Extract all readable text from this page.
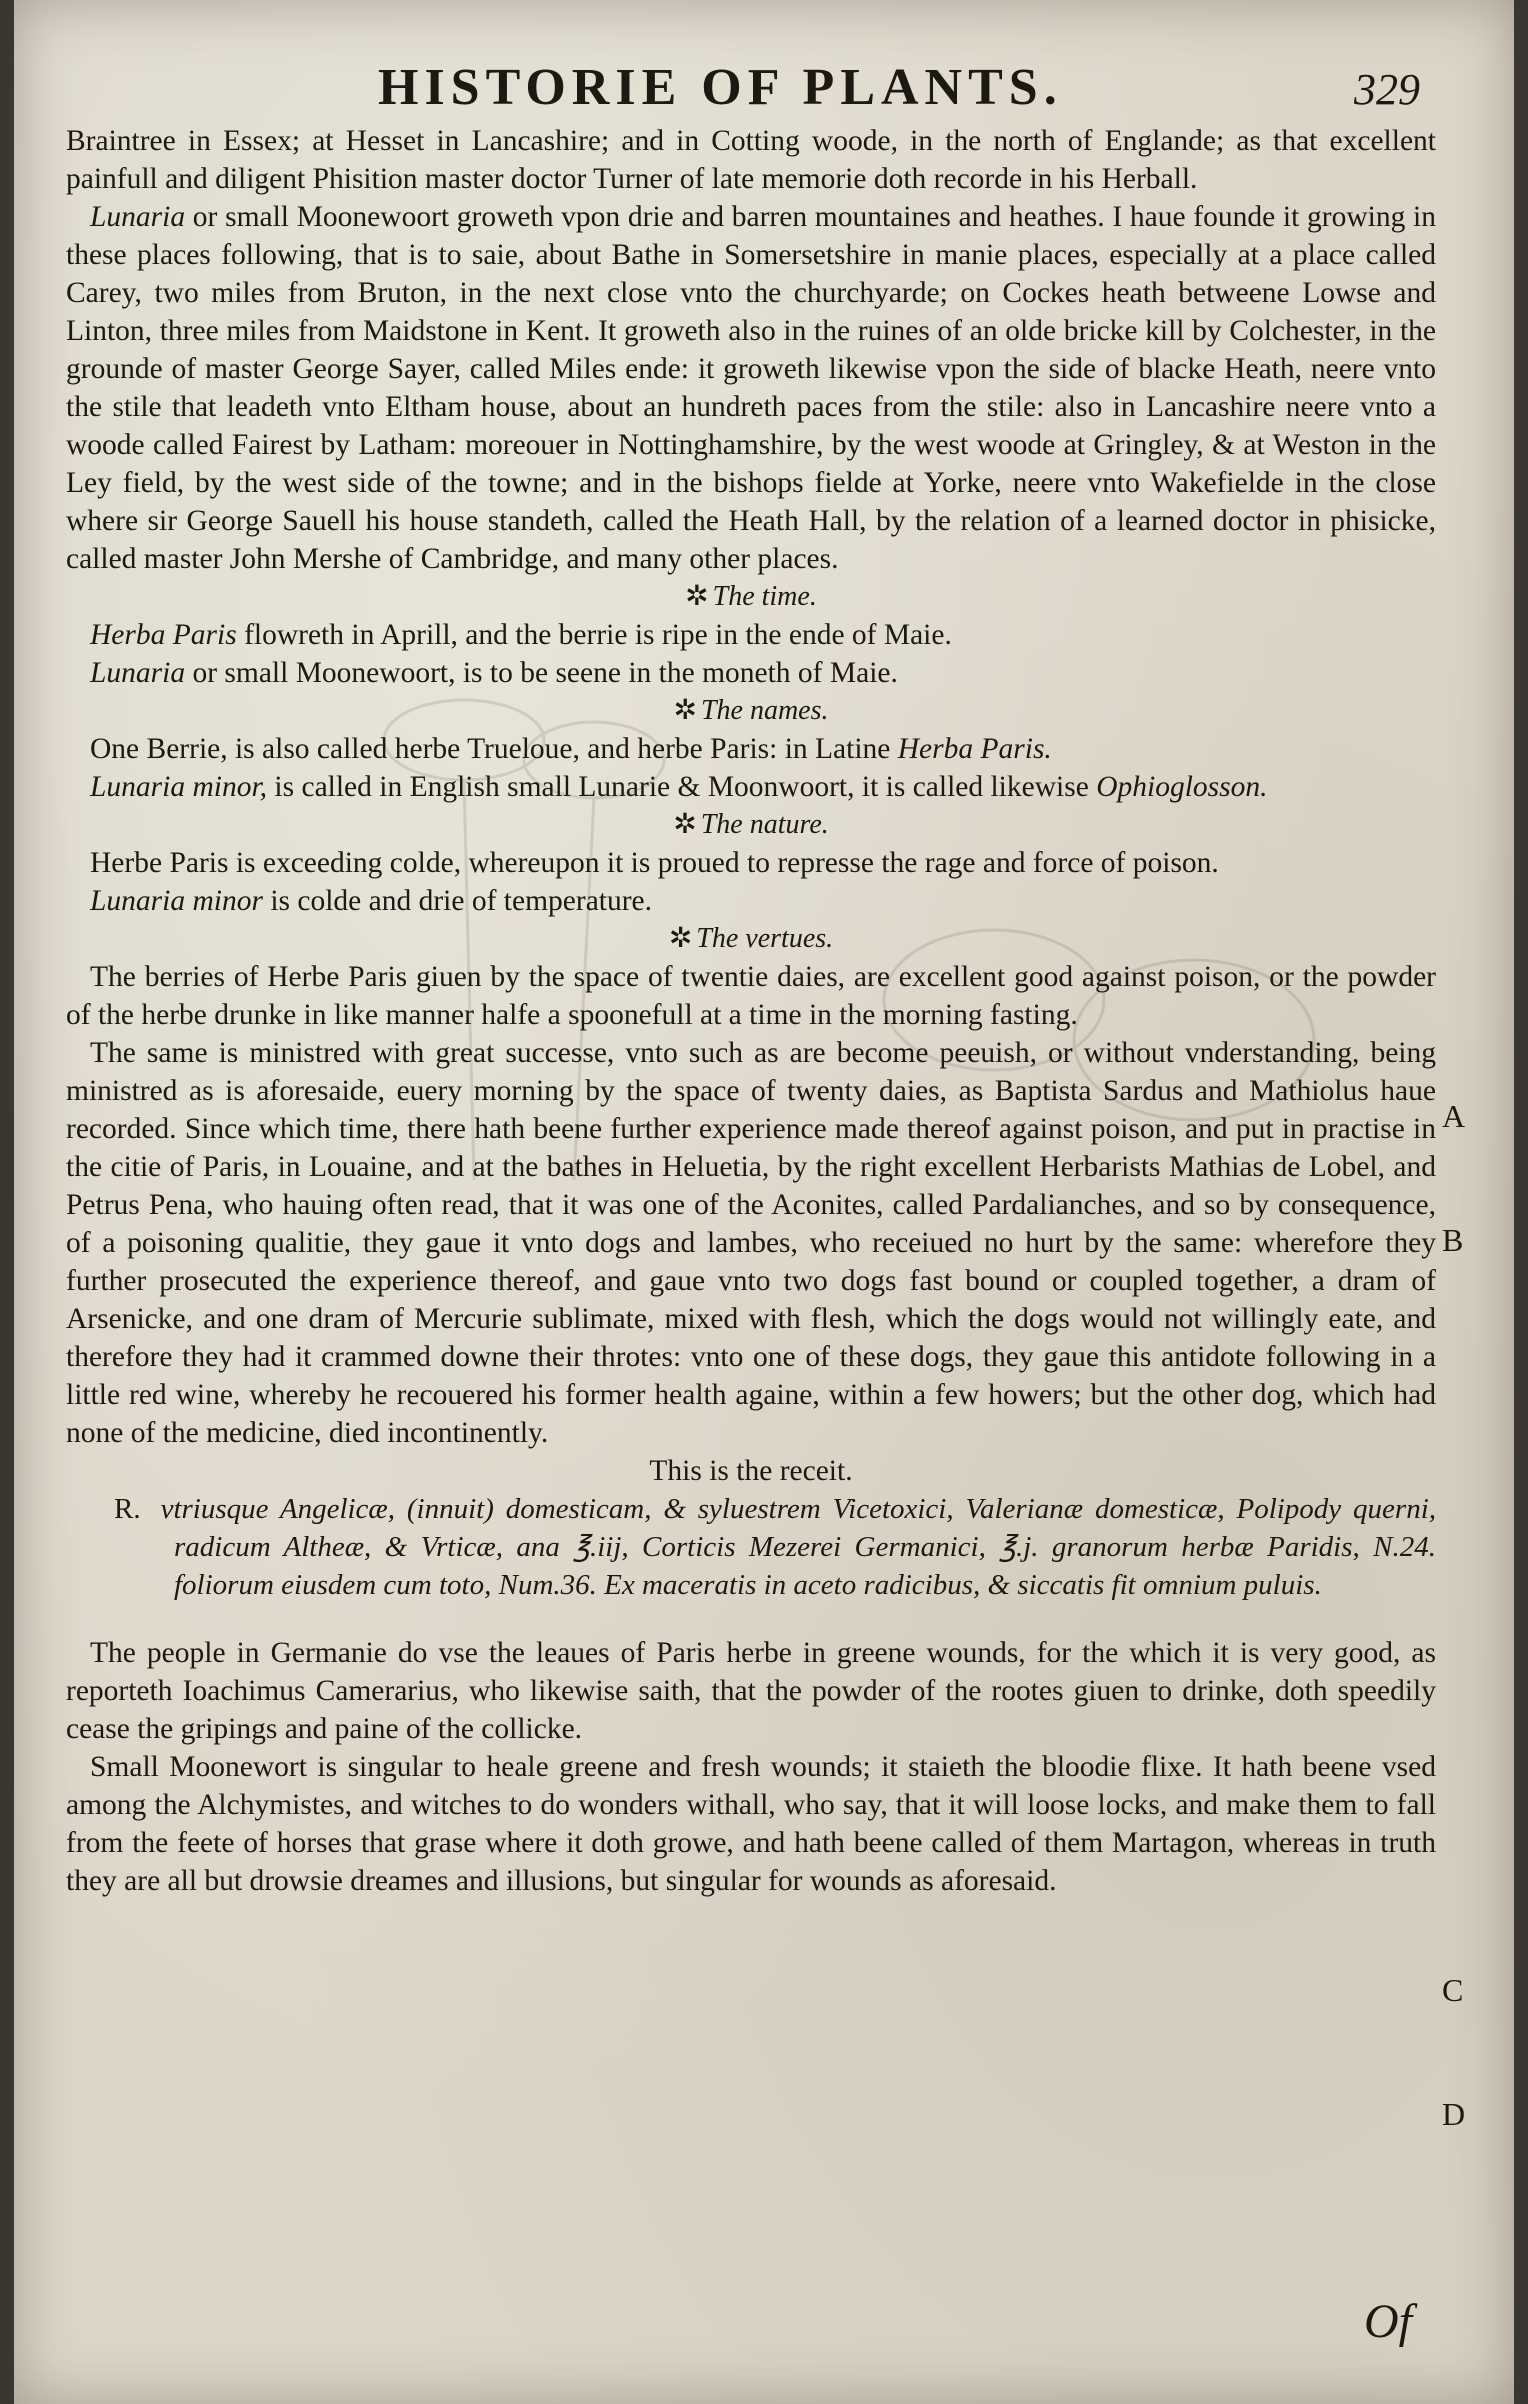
HISTORIE OF PLANTS.	329

Braintree in Essex; at Hesset in Lancashire; and in Cotting woode, in the north of Englande; as that excellent painfull and diligent Phisition master doctor Turner of late memorie doth recorde in his Herball.

Lunaria or small Moonewoort groweth vpon drie and barren mountaines and heathes. I haue founde it growing in these places following, that is to saie, about Bathe in Somersetshire in manie places, especially at a place called Carey, two miles from Bruton, in the next close vnto the churchyarde; on Cockes heath betweene Lowse and Linton, three miles from Maidstone in Kent. It groweth also in the ruines of an olde bricke kill by Colchester, in the grounde of master George Sayer, called Miles ende: it groweth likewise vpon the side of blacke Heath, neere vnto the stile that leadeth vnto Eltham house, about an hundreth paces from the stile: also in Lancashire neere vnto a woode called Fairest by Latham: moreouer in Nottinghamshire, by the west woode at Gringley, & at Weston in the Ley field, by the west side of the towne; and in the bishops fielde at Yorke, neere vnto Wakefielde in the close where sir George Sauell his house standeth, called the Heath Hall, by the relation of a learned doctor in phisicke, called master John Mershe of Cambridge, and many other places.

✲ The time.

Herba Paris flowreth in Aprill, and the berrie is ripe in the ende of Maie.

Lunaria or small Moonewoort, is to be seene in the moneth of Maie.

✲ The names.

One Berrie, is also called herbe Trueloue, and herbe Paris: in Latine Herba Paris.

Lunaria minor, is called in English small Lunarie & Moonwoort, it is called likewise Ophioglosson.

✲ The nature.

Herbe Paris is exceeding colde, whereupon it is proued to represse the rage and force of poison.

Lunaria minor is colde and drie of temperature.

✲ The vertues.

The berries of Herbe Paris giuen by the space of twentie daies, are excellent good against poison, or the powder of the herbe drunke in like manner halfe a spoonefull at a time in the morning fasting.

The same is ministred with great successe, vnto such as are become peeuish, or without vnderstanding, being ministred as is aforesaide, euery morning by the space of twenty daies, as Baptista Sardus and Mathiolus haue recorded. Since which time, there hath beene further experience made thereof against poison, and put in practise in the citie of Paris, in Louaine, and at the bathes in Heluetia, by the right excellent Herbarists Mathias de Lobel, and Petrus Pena, who hauing often read, that it was one of the Aconites, called Pardalianches, and so by consequence, of a poisoning qualitie, they gaue it vnto dogs and lambes, who receiued no hurt by the same: wherefore they further prosecuted the experience thereof, and gaue vnto two dogs fast bound or coupled together, a dram of Arsenicke, and one dram of Mercurie sublimate, mixed with flesh, which the dogs would not willingly eate, and therefore they had it crammed downe their throtes: vnto one of these dogs, they gaue this antidote following in a little red wine, whereby he recouered his former health againe, within a few howers; but the other dog, which had none of the medicine, died incontinently.

This is the receit.

R. vtriusque Angelicæ, (innuit) domesticam, & syluestrem Vicetoxici, Valerianæ domesticæ, Polipody querni, radicum Altheæ, & Vrticæ, ana ℥.iij, Corticis Mezerei Germanici, ℥.j. granorum herbæ Paridis, N.24. foliorum eiusdem cum toto, Num.36. Ex maceratis in aceto radicibus, & siccatis fit omnium puluis.

The people in Germanie do vse the leaues of Paris herbe in greene wounds, for the which it is very good, as reporteth Ioachimus Camerarius, who likewise saith, that the powder of the rootes giuen to drinke, doth speedily cease the gripings and paine of the collicke.

Small Moonewort is singular to heale greene and fresh wounds; it staieth the bloodie flixe. It hath beene vsed among the Alchymistes, and witches to do wonders withall, who say, that it will loose locks, and make them to fall from the feete of horses that grase where it doth growe, and hath beene called of them Martagon, whereas in truth they are all but drowsie dreames and illusions, but singular for wounds as aforesaid.

A
B
C
D
Of
